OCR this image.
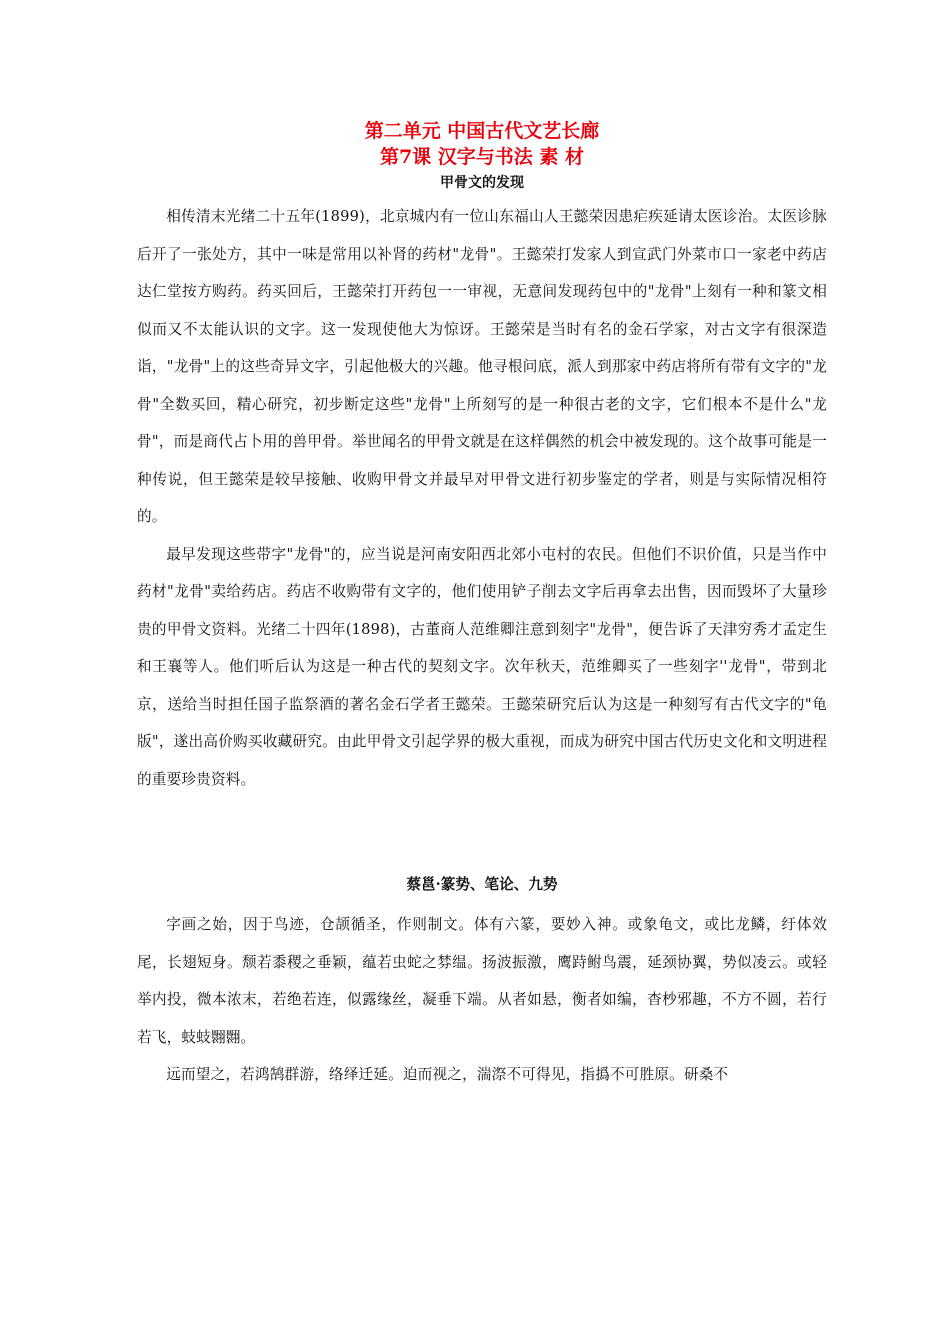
第二单元 中国古代文艺长廊
第7课 汉字与书法 素 材
甲骨文的发现

相传清末光绪二十五年(1899)，北京城内有一位山东福山人王懿荣因患疟疾延请太医诊治。太医诊脉后开了一张处方，其中一味是常用以补肾的药材"龙骨"。王懿荣打发家人到宣武门外菜市口一家老中药店达仁堂按方购药。药买回后，王懿荣打开药包一一审视，无意间发现药包中的"龙骨"上刻有一种和篆文相似而又不太能认识的文字。这一发现使他大为惊讶。王懿荣是当时有名的金石学家，对古文字有很深造诣，"龙骨"上的这些奇异文字，引起他极大的兴趣。他寻根问底，派人到那家中药店将所有带有文字的"龙骨"全数买回，精心研究，初步断定这些"龙骨"上所刻写的是一种很古老的文字，它们根本不是什么"龙骨"，而是商代占卜用的兽甲骨。举世闻名的甲骨文就是在这样偶然的机会中被发现的。这个故事可能是一种传说，但王懿荣是较早接触、收购甲骨文并最早对甲骨文进行初步鉴定的学者，则是与实际情况相符的。

最早发现这些带字"龙骨"的，应当说是河南安阳西北郊小屯村的农民。但他们不识价值，只是当作中药材"龙骨"卖给药店。药店不收购带有文字的，他们使用铲子削去文字后再拿去出售，因而毁坏了大量珍贵的甲骨文资料。光绪二十四年(1898)，古董商人范维卿注意到刻字"龙骨"，便告诉了天津穷秀才孟定生和王襄等人。他们听后认为这是一种古代的契刻文字。次年秋天，范维卿买了一些刻字''龙骨"，带到北京，送给当时担任国子监祭酒的著名金石学者王懿荣。王懿荣研究后认为这是一种刻写有古代文字的"龟版"，遂出高价购买收藏研究。由此甲骨文引起学界的极大重视，而成为研究中国古代历史文化和文明进程的重要珍贵资料。

蔡邕·篆势、笔论、九势

字画之始，因于鸟迹，仓颉循圣，作则制文。体有六篆，要妙入神。或象龟文，或比龙鳞，纡体效尾，长翅短身。颓若黍稷之垂颖，蕴若虫蛇之棼缊。扬波振激，鹰跱鲋鸟震，延颈协翼，势似凌云。或轻举内投，微本浓末，若绝若连，似露缘丝，凝垂下端。从者如悬，衡者如编，杳杪邪趣，不方不圆，若行若飞，蚑蚑翾翾。

远而望之，若鸿鹄群游，络绎迁延。迫而视之，湍漈不可得见，指撝不可胜原。研桑不
